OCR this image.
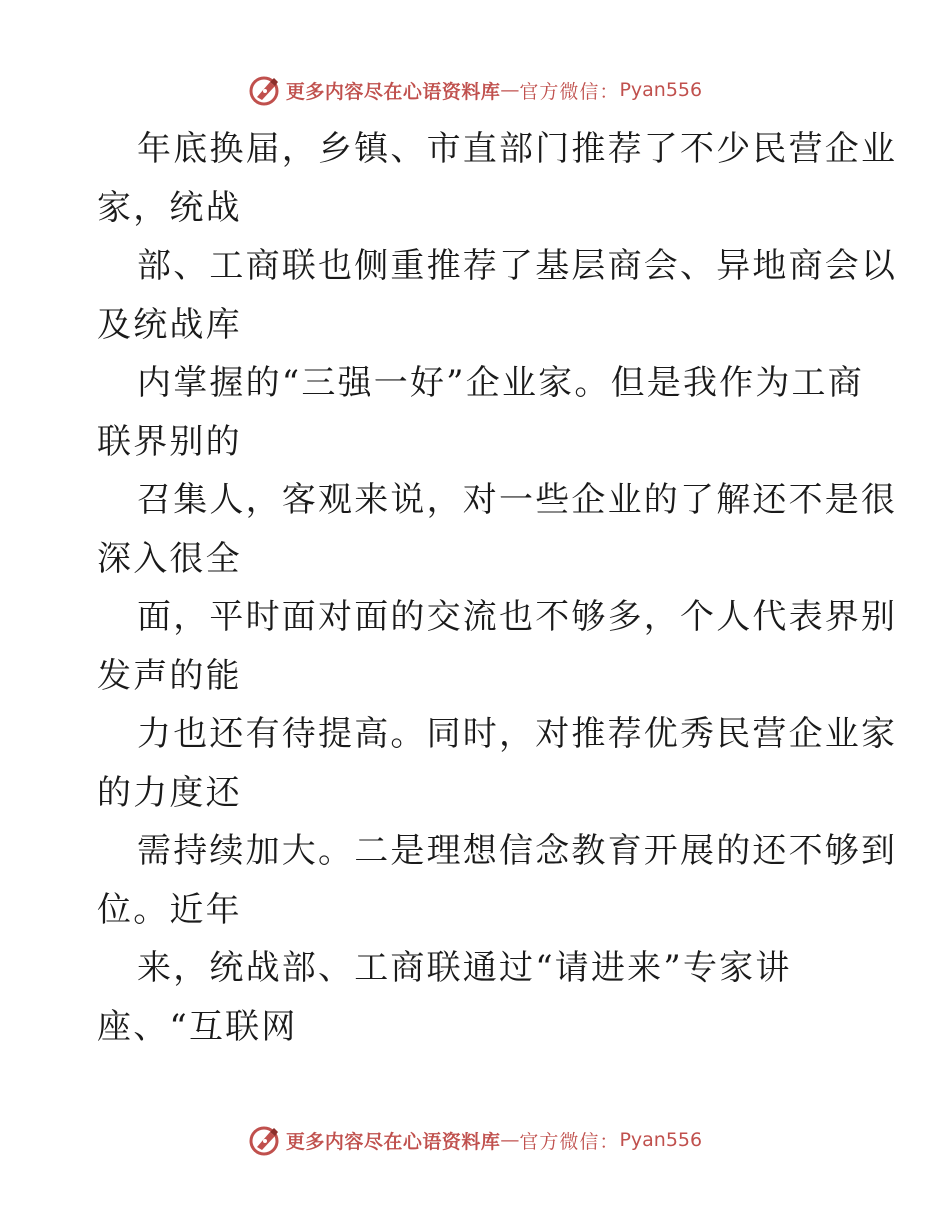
更多内容尽在心语资料库 — 官方微信： Pyan556

年底换届，乡镇、市直部门推荐了不少民营企业
家，统战

部、工商联也侧重推荐了基层商会、异地商会以
及统战库

内掌握的“三强一好”企业家。但是我作为工商
联界别的

召集人，客观来说，对一些企业的了解还不是很
深入很全

面，平时面对面的交流也不够多，个人代表界别
发声的能

力也还有待提高。同时，对推荐优秀民营企业家
的力度还

需持续加大。二是理想信念教育开展的还不够到
位。近年

来，统战部、工商联通过“请进来”专家讲
座、“互联网

更多内容尽在心语资料库 — 官方微信： Pyan556
